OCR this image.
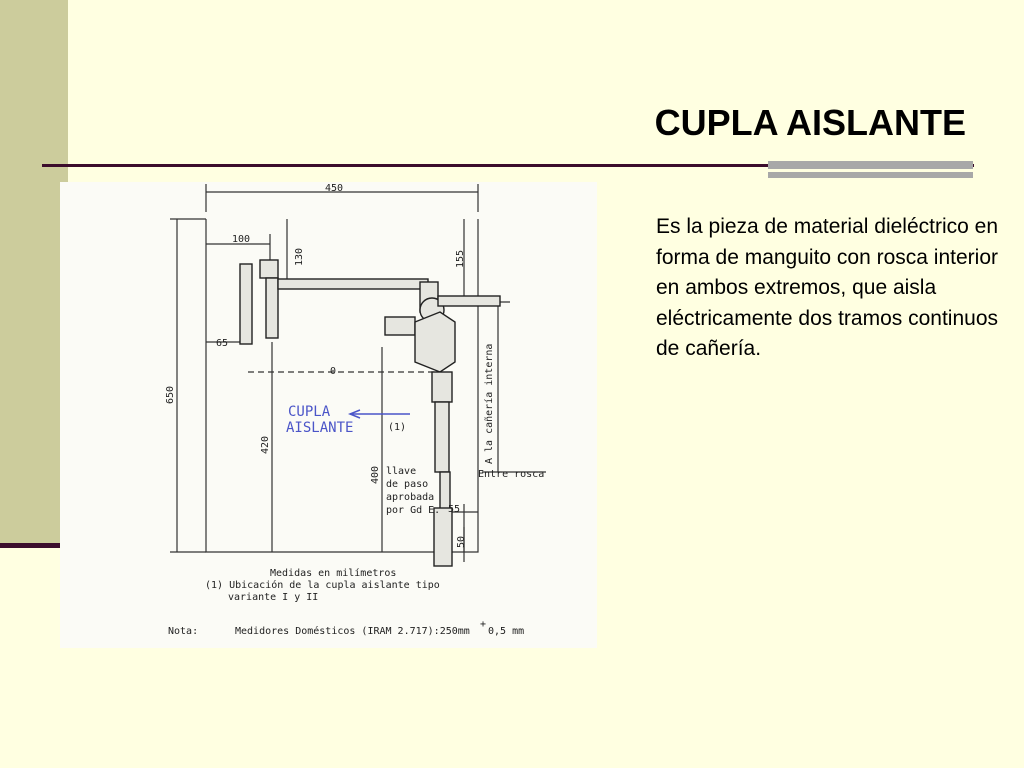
CUPLA AISLANTE
CUPLA
AISLANTE
450
100
130	155
65
650
420
400
55
50
0	A la cañería interna
(1)
llave
de paso
aprobada
por Gd E.
Entre rosca
Medidas en milímetros
(1) Ubicación de la cupla aislante tipo
variante I y II
Nota:	Medidores Domésticos (IRAM 2.717):250mm
+
0,5 mm

Es la pieza de material dieléctrico en forma de manguito con rosca interior en ambos extremos, que aisla eléctricamente dos tramos continuos de cañería.
